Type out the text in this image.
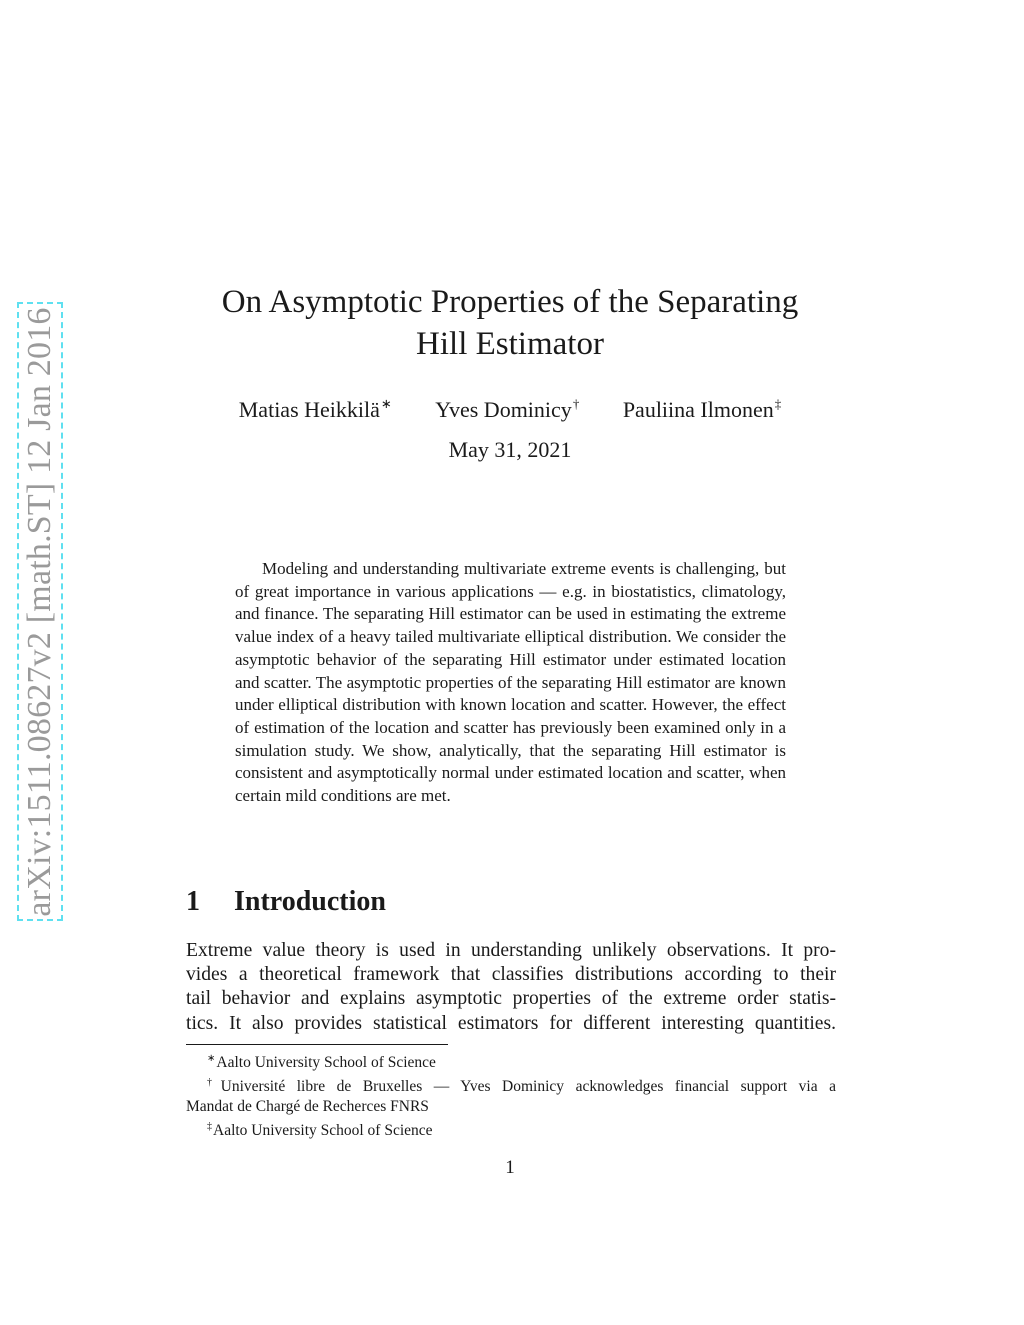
arXiv:1511.08627v2 [math.ST] 12 Jan 2016
On Asymptotic Properties of the Separating
Hill Estimator
Matias Heikkilä∗ Yves Dominicy† Pauliina Ilmonen‡
May 31, 2021

Modeling and understanding multivariate extreme events is challenging, but of great importance in various applications — e.g. in biostatistics, climatology, and finance. The separating Hill estimator can be used in estimating the extreme value index of a heavy tailed multivariate elliptical distribution. We consider the asymptotic behavior of the separating Hill estimator under estimated location and scatter. The asymptotic properties of the separating Hill estimator are known under elliptical distribution with known location and scatter. However, the effect of estimation of the location and scatter has previously been examined only in a simulation study. We show, analytically, that the separating Hill estimator is consistent and asymptotically normal under estimated location and scatter, when certain mild conditions are met.

1 Introduction
Extreme value theory is used in understanding unlikely observations. It pro-
vides a theoretical framework that classifies distributions according to their
tail behavior and explains asymptotic properties of the extreme order statis-
tics. It also provides statistical estimators for different interesting quantities.
∗Aalto University School of Science
†Université libre de Bruxelles — Yves Dominicy acknowledges financial support via a
Mandat de Chargé de Recherces FNRS
‡Aalto University School of Science
1
